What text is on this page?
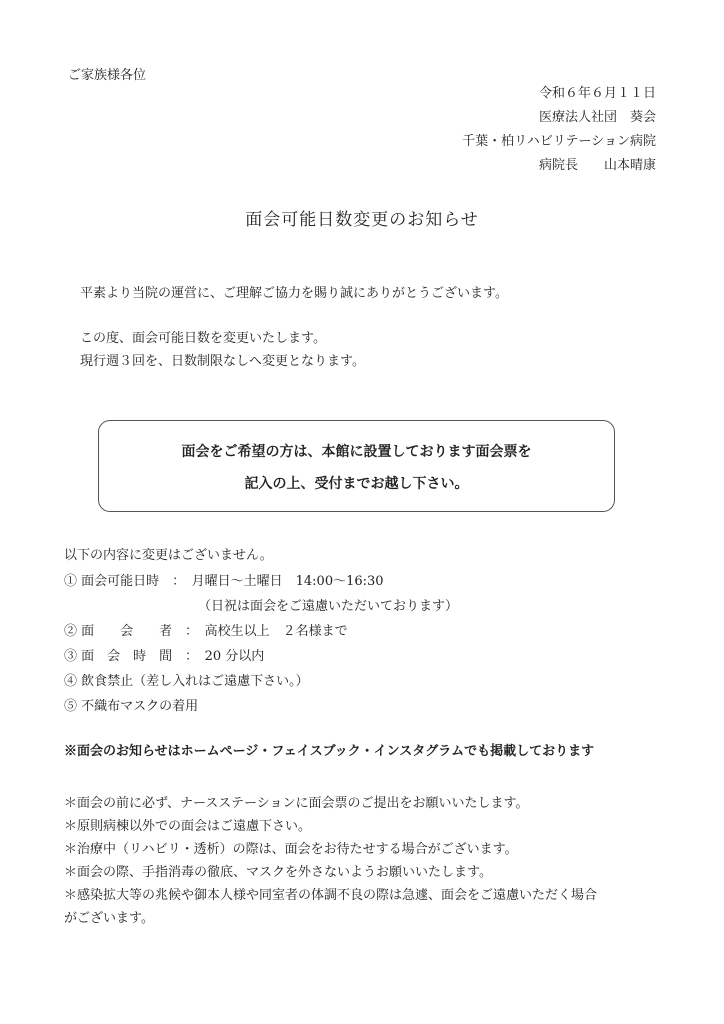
ご家族様各位
令和６年６月１１日
医療法人社団　葵会
千葉・柏リハビリテーション病院
病院長　　山本晴康
面会可能日数変更のお知らせ
平素より当院の運営に、ご理解ご協力を賜り誠にありがとうございます。
この度、面会可能日数を変更いたします。
現行週３回を、日数制限なしへ変更となります。
面会をご希望の方は、本館に設置しております面会票を
記入の上、受付までお越し下さい。
以下の内容に変更はございません。
① 面会可能日時　：　月曜日～土曜日　14:00～16:30
（日祝は面会をご遠慮いただいております）
② 面　　会　　者　：　高校生以上　２名様まで
③ 面　会　時　間　：　20 分以内
④ 飲食禁止（差し入れはご遠慮下さい。）
⑤ 不織布マスクの着用
※面会のお知らせはホームページ・フェイスブック・インスタグラムでも掲載しております
＊面会の前に必ず、ナースステーションに面会票のご提出をお願いいたします。
＊原則病棟以外での面会はご遠慮下さい。
＊治療中（リハビリ・透析）の際は、面会をお待たせする場合がございます。
＊面会の際、手指消毒の徹底、マスクを外さないようお願いいたします。
＊感染拡大等の兆候や御本人様や同室者の体調不良の際は急遽、面会をご遠慮いただく場合
がございます。
